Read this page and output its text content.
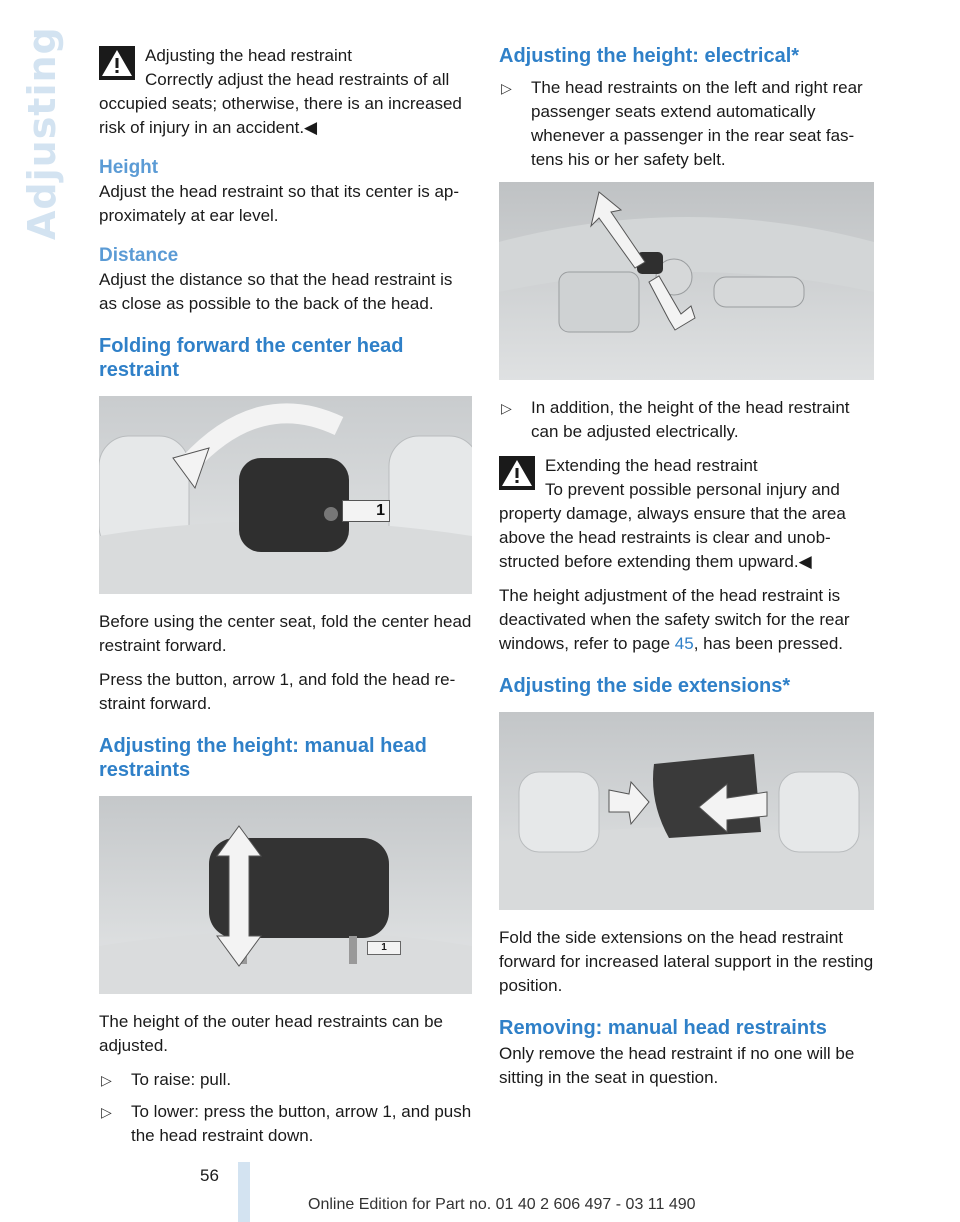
Adjusting	Adjusting the head restraint

Correctly adjust the head restraints of all occupied seats; otherwise, there is an increased risk of injury in an accident.◀

Height

Adjust the head restraint so that its center is approximately at ear level.

Distance

Adjust the distance so that the head restraint is as close as possible to the back of the head.

Folding forward the center head restraint
1

Before using the center seat, fold the center head restraint forward.

Press the button, arrow 1, and fold the head restraint forward.

Adjusting the height: manual head restraints
1

The height of the outer head restraints can be adjusted.

▷ To raise: pull.
▷ To lower: press the button, arrow 1, and push the head restraint down.
Adjusting the height: electrical*
▷ The head restraints on the left and right rear passenger seats extend automatically whenever a passenger in the rear seat fastens his or her safety belt.
▷ In addition, the height of the head restraint can be adjusted electrically.
Extending the head restraint

To prevent possible personal injury and property damage, always ensure that the area above the head restraints is clear and unobstructed before extending them upward.◀

The height adjustment of the head restraint is deactivated when the safety switch for the rear windows, refer to page 45, has been pressed.

Adjusting the side extensions*

Fold the side extensions on the head restraint forward for increased lateral support in the resting position.

Removing: manual head restraints

Only remove the head restraint if no one will be sitting in the seat in question.

56
Online Edition for Part no. 01 40 2 606 497 - 03 11 490
